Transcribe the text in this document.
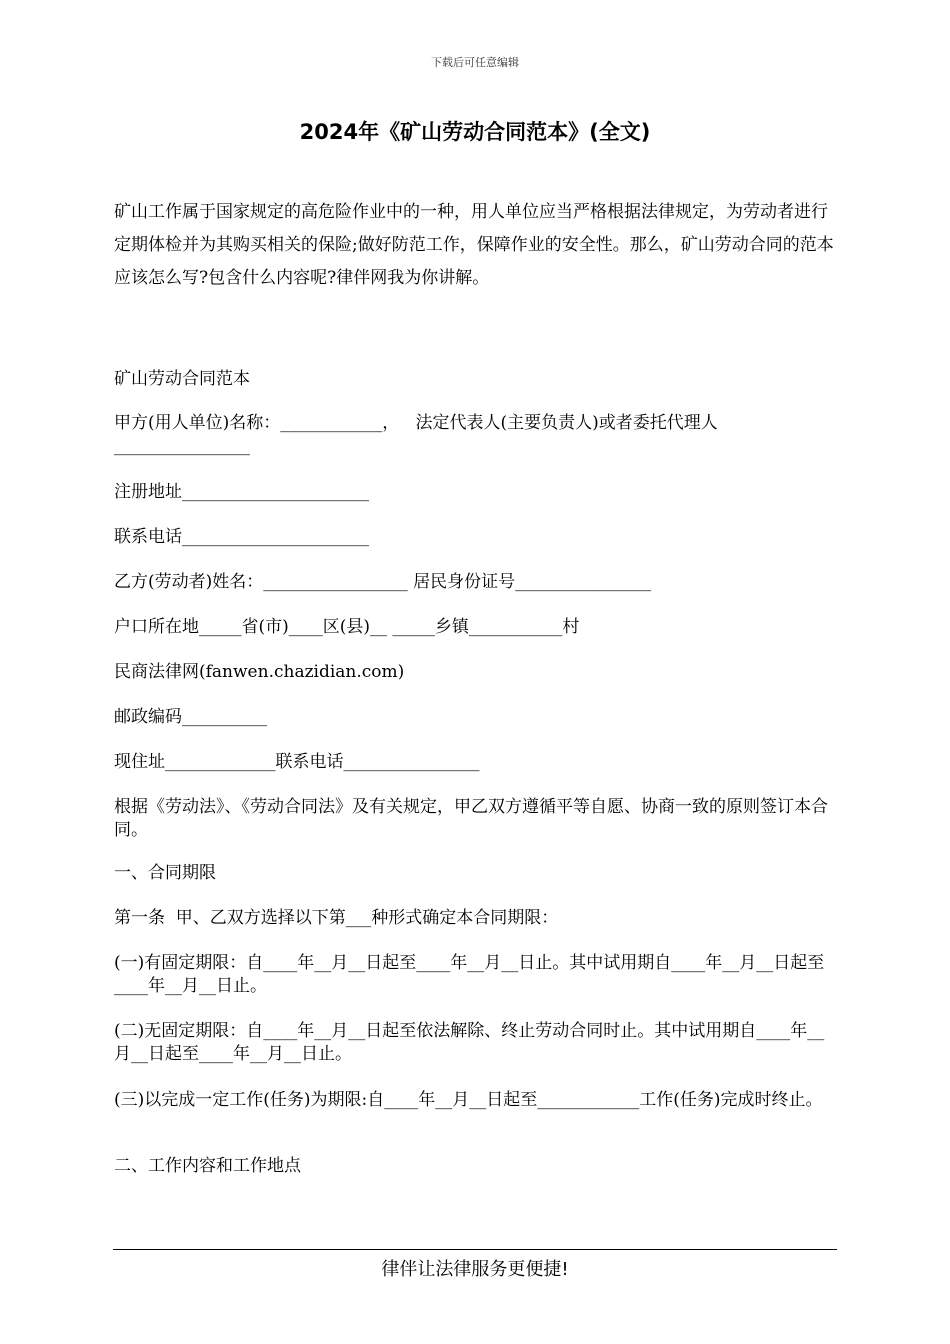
下载后可任意编辑
2024年《矿山劳动合同范本》(全文)

矿山工作属于国家规定的高危险作业中的一种，用人单位应当严格根据法律规定，为劳动者进行定期体检并为其购买相关的保险;做好防范工作，保障作业的安全性。那么，矿山劳动合同的范本应该怎么写?包含什么内容呢?律伴网我为你讲解。

矿山劳动合同范本

甲方(用人单位)名称：____________，   法定代表人(主要负责人)或者委托代理人________________

注册地址______________________

联系电话______________________

乙方(劳动者)姓名：_________________ 居民身份证号________________

户口所在地_____省(市)____区(县)__ _____乡镇___________村

民商法律网(fanwen.chazidian.com)

邮政编码__________

现住址_____________联系电话________________

根据《劳动法》、《劳动合同法》及有关规定，甲乙双方遵循平等自愿、协商一致的原则签订本合同。

一、合同期限

第一条  甲、乙双方选择以下第___种形式确定本合同期限：

(一)有固定期限：自____年__月__日起至____年__月__日止。其中试用期自____年__月__日起至____年__月__日止。

(二)无固定期限：自____年__月__日起至依法解除、终止劳动合同时止。其中试用期自____年__月__日起至____年__月__日止。

(三)以完成一定工作(任务)为期限:自____年__月__日起至____________工作(任务)完成时终止。

二、工作内容和工作地点

律伴让法律服务更便捷!
